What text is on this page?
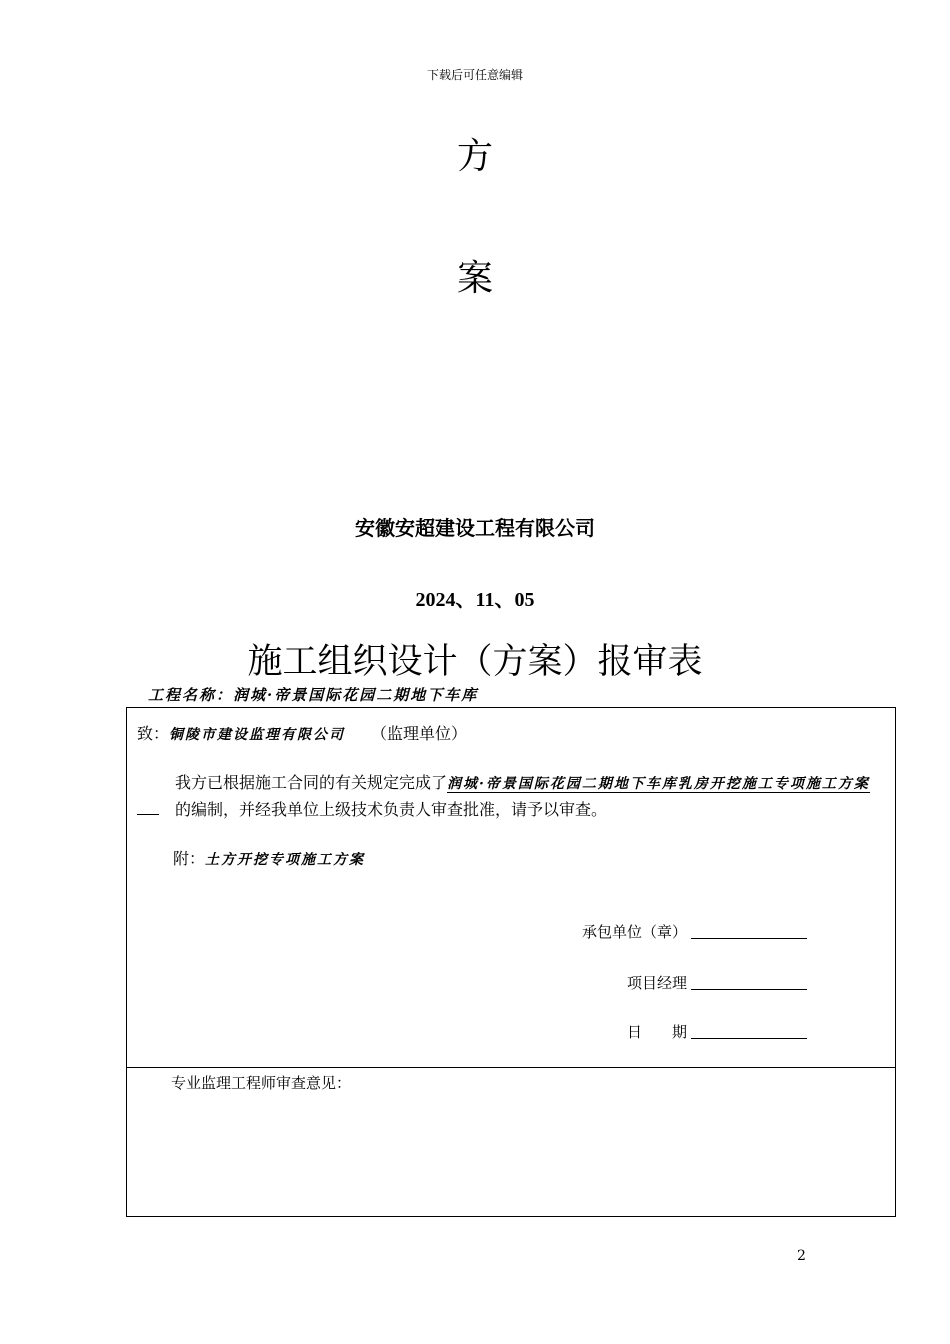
下载后可任意编辑
方
案
安徽安超建设工程有限公司
2024、11、05
施工组织设计（方案）报审表
工程名称：润城·帝景国际花园二期地下车库
致：铜陵市建设监理有限公司 （监理单位）
我方已根据施工合同的有关规定完成了润城·帝景国际花园二期地下车库乳房开挖施工专项施工方案　的编制，并经我单位上级技术负责人审查批准，请予以审查。
附：土方开挖专项施工方案
承包单位（章）
项目经理
日　　期
专业监理工程师审查意见：
2
